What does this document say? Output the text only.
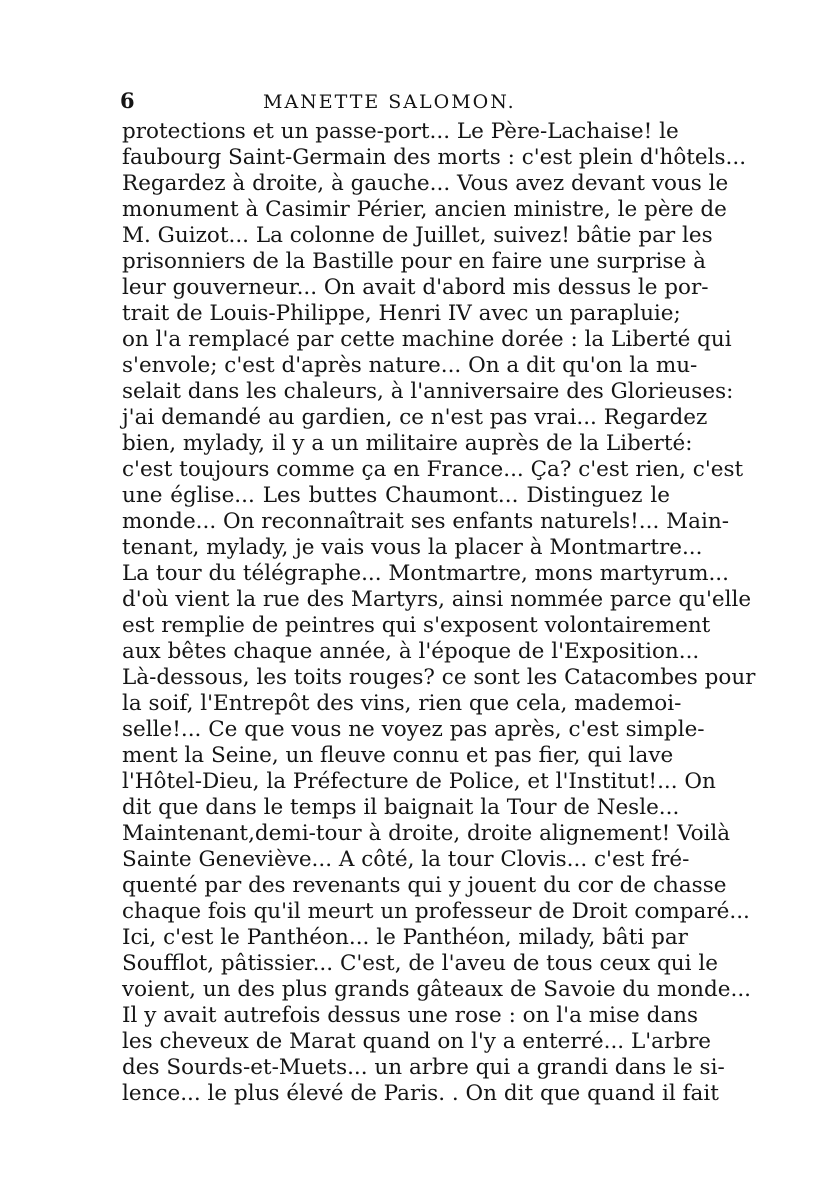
6	MANETTE SALOMON.
protections et un passe-port... Le Père-Lachaise! le
faubourg Saint-Germain des morts : c'est plein d'hôtels...
Regardez à droite, à gauche... Vous avez devant vous le
monument à Casimir Périer, ancien ministre, le père de
M. Guizot... La colonne de Juillet, suivez! bâtie par les
prisonniers de la Bastille pour en faire une surprise à
leur gouverneur... On avait d'abord mis dessus le por-
trait de Louis-Philippe, Henri IV avec un parapluie;
on l'a remplacé par cette machine dorée : la Liberté qui
s'envole; c'est d'après nature... On a dit qu'on la mu-
selait dans les chaleurs, à l'anniversaire des Glorieuses:
j'ai demandé au gardien, ce n'est pas vrai... Regardez
bien, mylady, il y a un militaire auprès de la Liberté:
c'est toujours comme ça en France... Ça? c'est rien, c'est
une église... Les buttes Chaumont... Distinguez le
monde... On reconnaîtrait ses enfants naturels!... Main-
tenant, mylady, je vais vous la placer à Montmartre...
La tour du télégraphe... Montmartre, mons martyrum...
d'où vient la rue des Martyrs, ainsi nommée parce qu'elle
est remplie de peintres qui s'exposent volontairement
aux bêtes chaque année, à l'époque de l'Exposition...
Là-dessous, les toits rouges? ce sont les Catacombes pour
la soif, l'Entrepôt des vins, rien que cela, mademoi-
selle!... Ce que vous ne voyez pas après, c'est simple-
ment la Seine, un fleuve connu et pas fier, qui lave
l'Hôtel-Dieu, la Préfecture de Police, et l'Institut!... On
dit que dans le temps il baignait la Tour de Nesle...
Maintenant,demi-tour à droite, droite alignement! Voilà
Sainte Geneviève... A côté, la tour Clovis... c'est fré-
quenté par des revenants qui y jouent du cor de chasse
chaque fois qu'il meurt un professeur de Droit comparé...
Ici, c'est le Panthéon... le Panthéon, milady, bâti par
Soufflot, pâtissier... C'est, de l'aveu de tous ceux qui le
voient, un des plus grands gâteaux de Savoie du monde...
Il y avait autrefois dessus une rose : on l'a mise dans
les cheveux de Marat quand on l'y a enterré... L'arbre
des Sourds-et-Muets... un arbre qui a grandi dans le si-
lence... le plus élevé de Paris. . On dit que quand il fait
